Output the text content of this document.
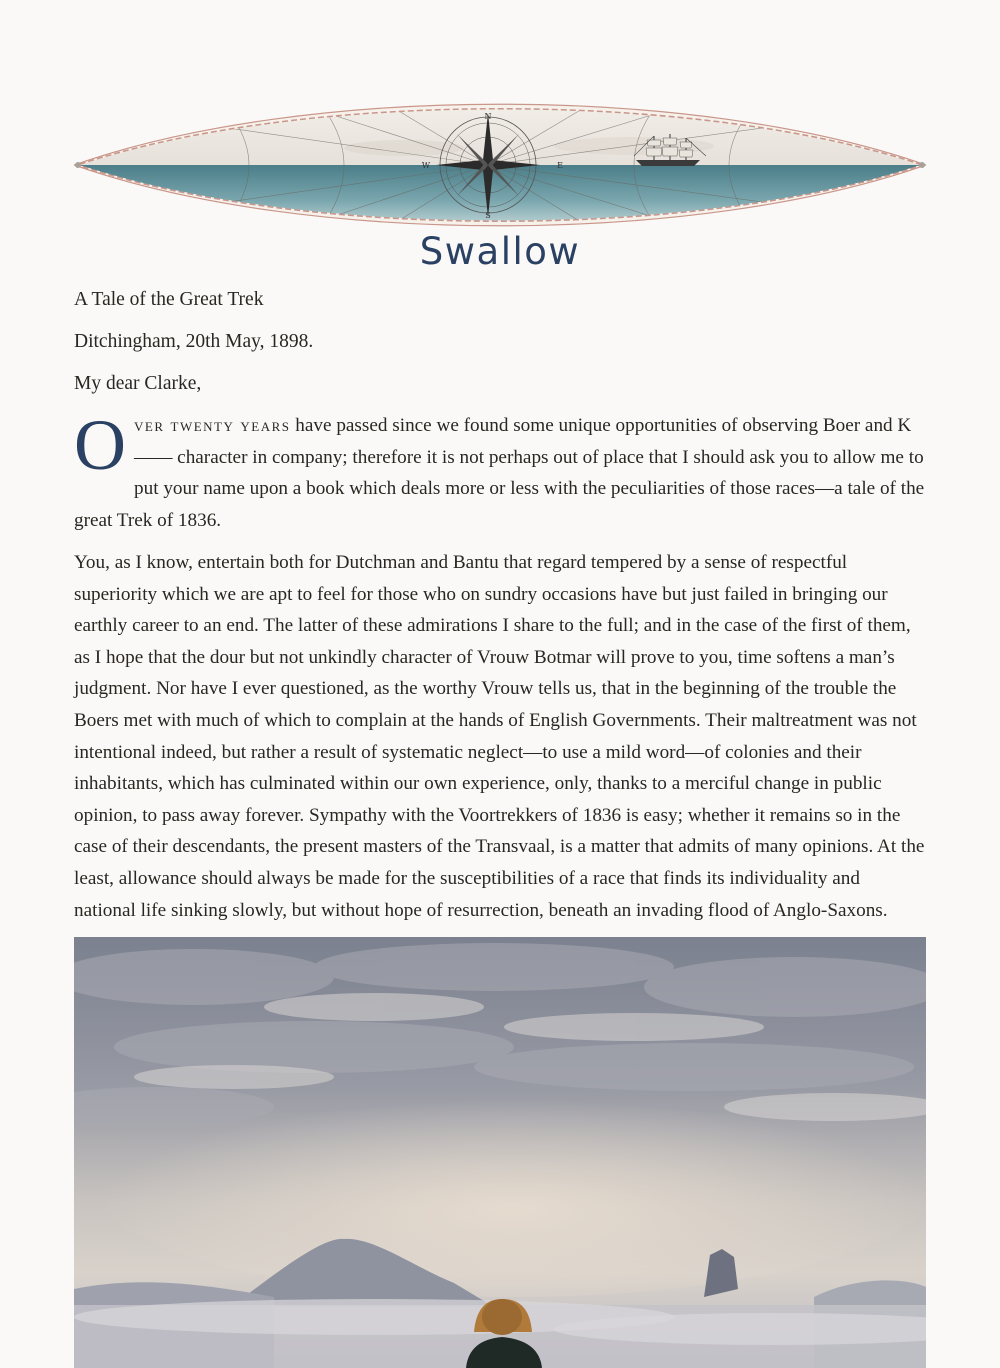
N
S
E
W
Swallow

A Tale of the Great Trek

Ditchingham, 20th May, 1898.

My dear Clarke,

Over twenty years have passed since we found some unique opportunities of observing Boer and K—— character in company; therefore it is not perhaps out of place that I should ask you to allow me to put your name upon a book which deals more or less with the peculiarities of those races—a tale of the great Trek of 1836.

You, as I know, entertain both for Dutchman and Bantu that regard tempered by a sense of respectful superiority which we are apt to feel for those who on sundry occasions have but just failed in bringing our earthly career to an end. The latter of these admirations I share to the full; and in the case of the first of them, as I hope that the dour but not unkindly character of Vrouw Botmar will prove to you, time softens a man’s judgment. Nor have I ever questioned, as the worthy Vrouw tells us, that in the beginning of the trouble the Boers met with much of which to complain at the hands of English Governments. Their maltreatment was not intentional indeed, but rather a result of systematic neglect—to use a mild word—of colonies and their inhabitants, which has culminated within our own experience, only, thanks to a merciful change in public opinion, to pass away forever. Sympathy with the Voortrekkers of 1836 is easy; whether it remains so in the case of their descendants, the present masters of the Transvaal, is a matter that admits of many opinions. At the least, allowance should always be made for the susceptibilities of a race that finds its individuality and national life sinking slowly, but without hope of resurrection, beneath an invading flood of Anglo-Saxons.
